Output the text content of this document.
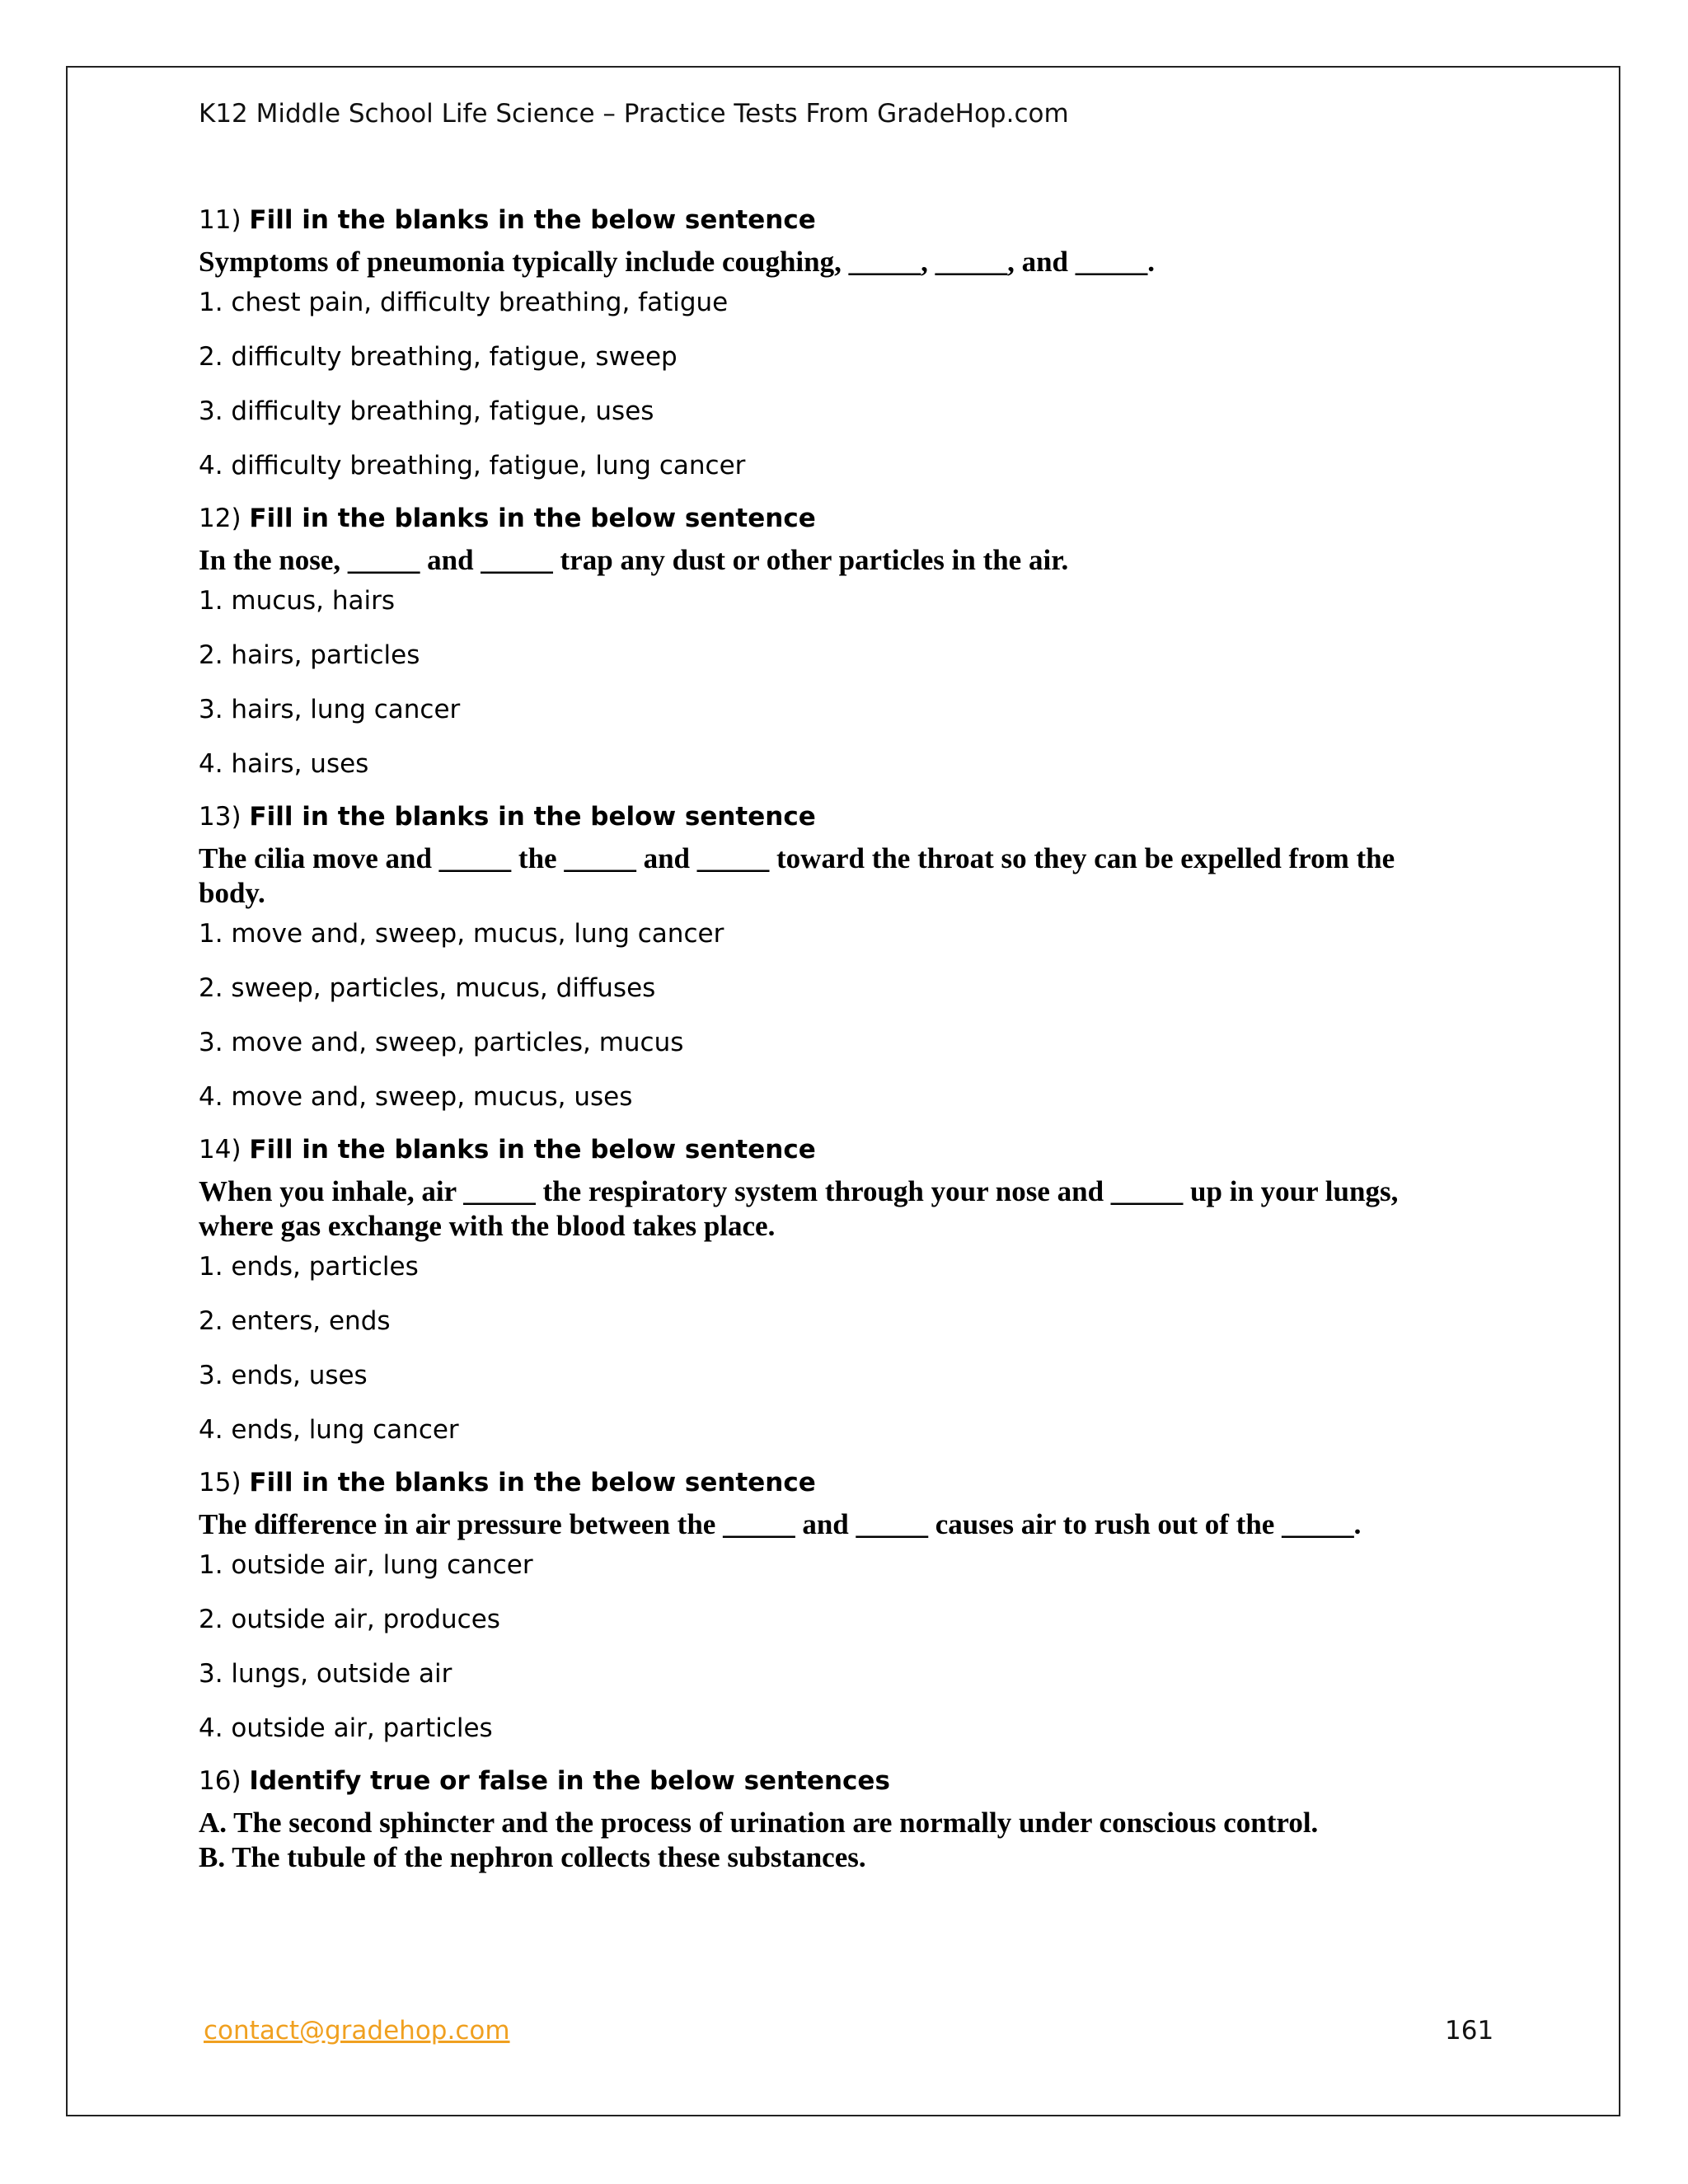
K12 Middle School Life Science – Practice Tests From GradeHop.com
11) Fill in the blanks in the below sentence
Symptoms of pneumonia typically include coughing, _____, _____, and _____.
1. chest pain, difficulty breathing, fatigue
2. difficulty breathing, fatigue, sweep
3. difficulty breathing, fatigue, uses
4. difficulty breathing, fatigue, lung cancer
12) Fill in the blanks in the below sentence
In the nose, _____ and _____ trap any dust or other particles in the air.
1. mucus, hairs
2. hairs, particles
3. hairs, lung cancer
4. hairs, uses
13) Fill in the blanks in the below sentence
The cilia move and _____ the _____ and _____ toward the throat so they can be expelled from the
body.
1. move and, sweep, mucus, lung cancer
2. sweep, particles, mucus, diffuses
3. move and, sweep, particles, mucus
4. move and, sweep, mucus, uses
14) Fill in the blanks in the below sentence
When you inhale, air _____ the respiratory system through your nose and _____ up in your lungs,
where gas exchange with the blood takes place.
1. ends, particles
2. enters, ends
3. ends, uses
4. ends, lung cancer
15) Fill in the blanks in the below sentence
The difference in air pressure between the _____ and _____ causes air to rush out of the _____.
1. outside air, lung cancer
2. outside air, produces
3. lungs, outside air
4. outside air, particles
16) Identify true or false in the below sentences
A. The second sphincter and the process of urination are normally under conscious control.
B. The tubule of the nephron collects these substances.
contact@gradehop.com	161
